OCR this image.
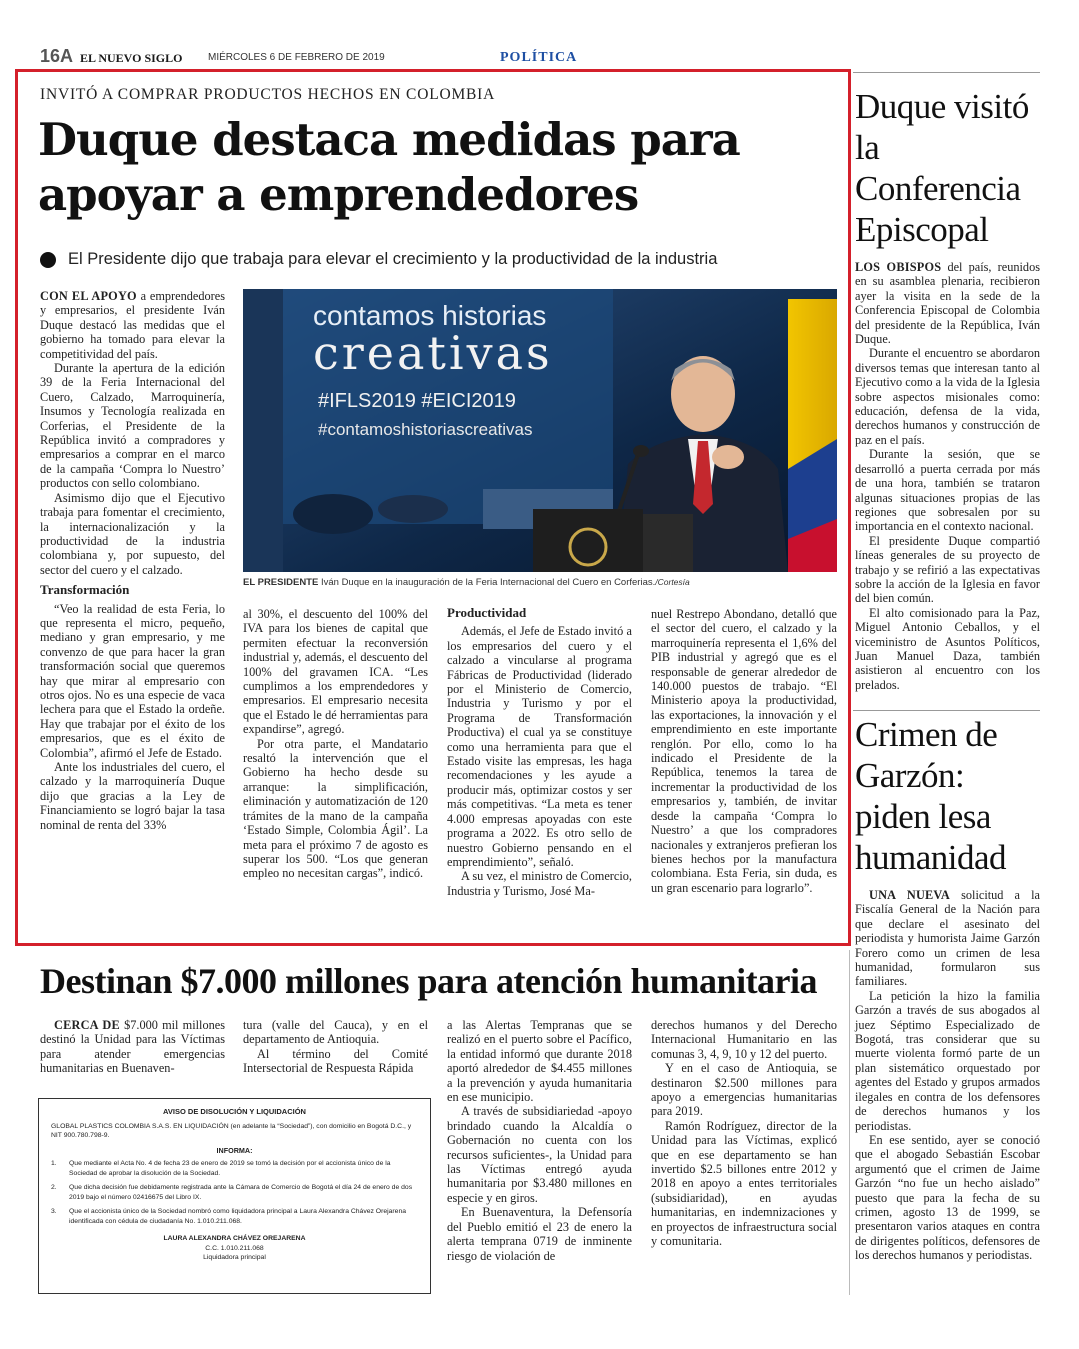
16A EL NUEVO SIGLO	MIÉRCOLES 6 DE FEBRERO DE 2019	POLÍTICA
INVITÓ A COMPRAR PRODUCTOS HECHOS EN COLOMBIA
Duque destaca medidas para apoyar a emprendedores
El Presidente dijo que trabaja para elevar el crecimiento y la productividad de la industria
contamos historias
creativas
#IFLS2019 #EICI2019
#contamoshistoriascreativas
EL PRESIDENTE Iván Duque en la inauguración de la Feria Internacional del Cuero en Corferias./Cortesía

CON EL APOYO a emprendedores y empresarios, el presidente Iván Duque destacó las medidas que el gobierno ha tomado para elevar la competitividad del país.

Durante la apertura de la edición 39 de la Feria Internacional del Cuero, Calzado, Marroquinería, Insumos y Tecnología realizada en Corferias, el Presidente de la República invitó a compradores y empresarios a comprar en el marco de la campaña ‘Compra lo Nuestro’ productos con sello colombiano.

Asimismo dijo que el Ejecutivo trabaja para fomentar el crecimiento, la internacionalización y la productividad de la industria colombiana y, por supuesto, del sector del cuero y el calzado.

Transformación

“Veo la realidad de esta Feria, lo que representa el micro, pequeño, mediano y gran empresario, y me convenzo de que para hacer la gran transformación social que queremos hay que mirar al empresario con otros ojos. No es una especie de vaca lechera para que el Estado la ordeñe. Hay que trabajar por el éxito de los empresarios, que es el éxito de Colombia”, afirmó el Jefe de Estado.

Ante los industriales del cuero, el calzado y la marroquinería Duque dijo que gracias a la Ley de Financiamiento se logró bajar la tasa nominal de renta del 33%

al 30%, el descuento del 100% del IVA para los bienes de capital que permiten efectuar la reconversión industrial y, además, el descuento del 100% del gravamen ICA. “Les cumplimos a los emprendedores y empresarios. El empresario necesita que el Estado le dé herramientas para expandirse”, agregó.

Por otra parte, el Mandatario resaltó la intervención que el Gobierno ha hecho desde su arranque: la simplificación, eliminación y automatización de 120 trámites de la mano de la campaña ‘Estado Simple, Colombia Ágil’. La meta para el próximo 7 de agosto es superar los 500. “Los que generan empleo no necesitan cargas”, indicó.

Productividad

Además, el Jefe de Estado invitó a los empresarios del cuero y el calzado a vincularse al programa Fábricas de Productividad (liderado por el Ministerio de Comercio, Industria y Turismo y por el Programa de Transformación Productiva) el cual ya se constituye como una herramienta para que el Estado visite las empresas, les haga recomendaciones y les ayude a producir más, optimizar costos y ser más competitivas. “La meta es tener 4.000 empresas apoyadas con este programa a 2022. Es otro sello de nuestro Gobierno pensando en el emprendimiento”, señaló.

A su vez, el ministro de Comercio, Industria y Turismo, José Ma-

nuel Restrepo Abondano, detalló que el sector del cuero, el calzado y la marroquinería representa el 1,6% del PIB industrial y agregó que es el responsable de generar alrededor de 140.000 puestos de trabajo. “El Ministerio apoya la productividad, las exportaciones, la innovación y el emprendimiento en este importante renglón. Por ello, como lo ha indicado el Presidente de la República, tenemos la tarea de incrementar la productividad de los empresarios y, también, de invitar desde la campaña ‘Compra lo Nuestro’ a que los compradores nacionales y extranjeros prefieran los bienes hechos por la manufactura colombiana. Esta Feria, sin duda, es un gran escenario para lograrlo”.

Duque visitó la Conferencia Episcopal

LOS OBISPOS del país, reunidos en su asamblea plenaria, recibieron ayer la visita en la sede de la Conferencia Episcopal de Colombia del presidente de la República, Iván Duque.

Durante el encuentro se abordaron diversos temas que interesan tanto al Ejecutivo como a la vida de la Iglesia sobre aspectos misionales como: educación, defensa de la vida, derechos humanos y construcción de paz en el país.

Durante la sesión, que se desarrolló a puerta cerrada por más de una hora, también se trataron algunas situaciones propias de las regiones que sobresalen por su importancia en el contexto nacional.

El presidente Duque compartió líneas generales de su proyecto de trabajo y se refirió a las expectativas sobre la acción de la Iglesia en favor del bien común.

El alto comisionado para la Paz, Miguel Antonio Ceballos, y el viceministro de Asuntos Políticos, Juan Manuel Daza, también asistieron al encuentro con los prelados.

Crimen de Garzón: piden lesa humanidad

UNA NUEVA solicitud a la Fiscalía General de la Nación para que declare el asesinato del periodista y humorista Jaime Garzón Forero como un crimen de lesa humanidad, formularon sus familiares.

La petición la hizo la familia Garzón a través de sus abogados al juez Séptimo Especializado de Bogotá, tras considerar que su muerte violenta formó parte de un plan sistemático orquestado por agentes del Estado y grupos armados ilegales en contra de los defensores de derechos humanos y los periodistas.

En ese sentido, ayer se conoció que el abogado Sebastián Escobar argumentó que el crimen de Jaime Garzón “no fue un hecho aislado” puesto que para la fecha de su crimen, agosto 13 de 1999, se presentaron varios ataques en contra de dirigentes políticos, defensores de los derechos humanos y periodistas.

Destinan $7.000 millones para atención humanitaria

CERCA DE $7.000 mil millones destinó la Unidad para las Víctimas para atender emergencias humanitarias en Buenaven-

tura (valle del Cauca), y en el departamento de Antioquia.

Al término del Comité Intersectorial de Respuesta Rápida

a las Alertas Tempranas que se realizó en el puerto sobre el Pacífico, la entidad informó que durante 2018 aportó alrededor de $4.455 millones a la prevención y ayuda humanitaria en ese municipio.

A través de subsidiariedad -apoyo brindado cuando la Alcaldía o Gobernación no cuenta con los recursos suficientes-, la Unidad para las Víctimas entregó ayuda humanitaria por $3.480 millones en especie y en giros.

En Buenaventura, la Defensoría del Pueblo emitió el 23 de enero la alerta temprana 0719 de inminente riesgo de violación de

derechos humanos y del Derecho Internacional Humanitario en las comunas 3, 4, 9, 10 y 12 del puerto.

Y en el caso de Antioquia, se destinaron $2.500 millones para apoyo a emergencias humanitarias para 2019.

Ramón Rodríguez, director de la Unidad para las Víctimas, explicó que en ese departamento se han invertido $2.5 billones entre 2012 y 2018 en apoyo a entes territoriales (subsidiaridad), en ayudas humanitarias, en indemnizaciones y en proyectos de infraestructura social y comunitaria.

AVISO DE DISOLUCIÓN Y LIQUIDACIÓN
GLOBAL PLASTICS COLOMBIA S.A.S. EN LIQUIDACIÓN (en adelante la “Sociedad”), con domicilio en Bogotá D.C., y NIT 900.780.798-9.
INFORMA:
1.	Que mediante el Acta No. 4 de fecha 23 de enero de 2019 se tomó la decisión por el accionista único de la Sociedad de aprobar la disolución de la Sociedad.
2.	Que dicha decisión fue debidamente registrada ante la Cámara de Comercio de Bogotá el día 24 de enero de dos 2019 bajo el número 02416675 del Libro IX.
3.	Que el accionista único de la Sociedad nombró como liquidadora principal a Laura Alexandra Chávez Orejarena identificada con cédula de ciudadanía No. 1.010.211.068.
LAURA ALEXANDRA CHÁVEZ OREJARENA
C.C. 1.010.211.068
Liquidadora principal
